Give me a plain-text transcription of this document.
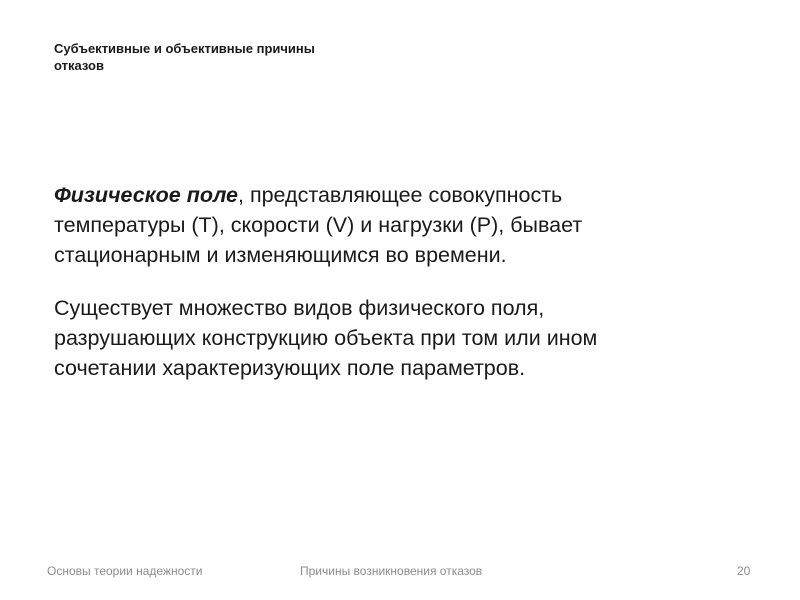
Субъективные и объективные причины
отказов

Физическое поле, представляющее совокупность
температуры (Т), скорости (V) и нагрузки (Р), бывает
стационарным и изменяющимся во времени.

Существует множество видов физического поля,
разрушающих конструкцию объекта при том или ином
сочетании характеризующих поле параметров.

Основы теории надежности	Причины возникновения отказов	20
